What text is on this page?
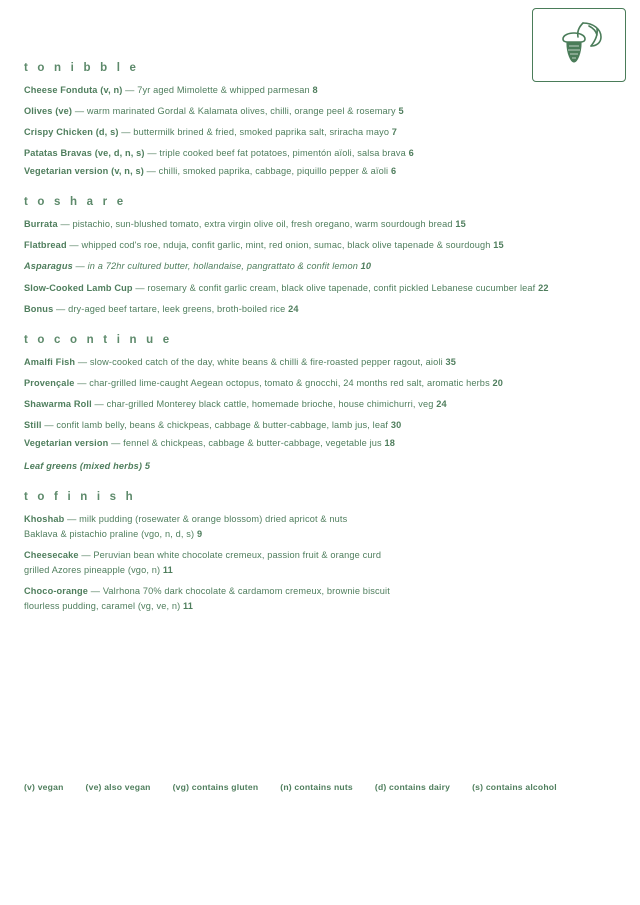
t o n i b b l e
Cheese Fonduta (v, n) — 7yr aged Mimolette & whipped parmesan 8
Olives (ve) — warm marinated Gordal & Kalamata olives, chilli, orange peel & rosemary 5
Crispy Chicken (d, s) — buttermilk brined & fried, smoked paprika salt, sriracha mayo 7
Patatas Bravas (ve, d, n, s) — triple cooked beef fat potatoes, pimentón aïoli, salsa brava 6
Vegetarian version (v, n, s) — chilli, smoked paprika, cabbage, piquillo pepper & aïoli 6
t o s h a r e
Burrata — pistachio, sun-blushed tomato, extra virgin olive oil, fresh oregano, warm sourdough bread 15
Flatbread — whipped cod's roe, nduja, confit garlic, mint, red onion, sumac, black olive tapenade & sourdough 15
Asparagus — in a 72hr cultured butter, hollandaise, pangrattato & confit lemon 10
Slow-Cooked Lamb Cup — rosemary & confit garlic cream, black olive tapenade, confit pickled Lebanese cucumber leaf 22
Bonus — dry-aged beef tartare, leek greens, broth-boiled rice 24
t o c o n t i n u e
Amalfi Fish — slow-cooked catch of the day, white beans & chilli & fire-roasted pepper ragout, aioli 35
Provençale — char-grilled lime-caught Aegean octopus, tomato & gnocchi, 24 months red salt, aromatic herbs 20
Shawarma Roll — char-grilled Monterey black cattle, homemade brioche, house chimichurri, veg 24
Still — confit lamb belly, beans & chickpeas, cabbage & butter-cabbage, lamb jus, leaf 30
Vegetarian version — fennel & chickpeas, cabbage & butter-cabbage, vegetable jus 18
Leaf greens (mixed herbs) 5
t o f i n i s h
Khoshab — milk pudding (rosewater & orange blossom) dried apricot & nuts
Baklava & pistachio praline (vgo, n, d, s) 9
Cheesecake — Peruvian bean white chocolate cremeux, passion fruit & orange curd
grilled Azores pineapple (vgo, n) 11
Choco-orange — Valrhona 70% dark chocolate & cardamom cremeux, brownie biscuit
flourless pudding, caramel (vg, ve, n) 11
(v) vegan	(ve) also vegan	(vg) contains gluten	(n) contains nuts	(d) contains dairy	(s) contains alcohol
